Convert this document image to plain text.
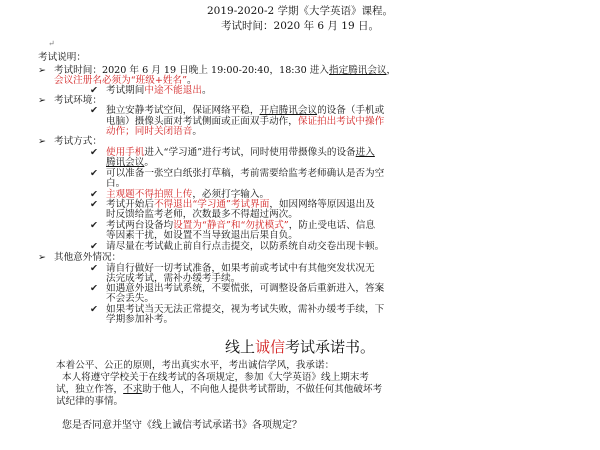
2019-2020-2 学期《大学英语》课程。
考试时间：2020 年 6 月 19 日。
↵
考试说明：
➢ 考试时间：2020 年 6 月 19 日晚上 19:00-20:40，18:30 进入指定腾讯会议，
会议注册名必须为“班级+姓名”。
✔ 考试期间中途不能退出。
➢ 考试环境：
✔ 独立安静考试空间，保证网络平稳，开启腾讯会议的设备（手机或
电脑）摄像头面对考试侧面或正面双手动作，保证拍出考试中操作
动作；同时关闭语音。
➢ 考试方式：
✔ 使用手机进入“学习通”进行考试，同时使用带摄像头的设备进入
腾讯会议。
✔ 可以准备一张空白纸张打草稿，考前需要给监考老师确认是否为空
白。
✔ 主观题不得拍照上传，必须打字输入。
✔ 考试开始后不得退出“学习通”考试界面，如因网络等原因退出及
时反馈给监考老师，次数最多不得超过两次。
✔ 考试两台设备均设置为“静音”和“勿扰模式”，防止受电话、信息
等因素干扰，如设置不当导致退出后果自负。
✔ 请尽量在考试截止前自行点击提交，以防系统自动交卷出现卡顿。
➢ 其他意外情况：
✔ 请自行做好一切考试准备，如果考前或考试中有其他突发状况无
法完成考试，需补办缓考手续。
✔ 如遇意外退出考试系统，不要慌张，可调整设备后重新进入，答案
不会丢失。
✔ 如果考试当天无法正常提交，视为考试失败，需补办缓考手续，下
学期参加补考。
线上诚信考试承诺书。
本着公平、公正的原则，考出真实水平，考出诚信学风，我承诺：
本人将遵守学校关于在线考试的各项规定，参加《大学英语》线上期末考
试，独立作答，不求助于他人，不向他人提供考试帮助，不做任何其他破坏考
试纪律的事情。
您是否同意并坚守《线上诚信考试承诺书》各项规定？
